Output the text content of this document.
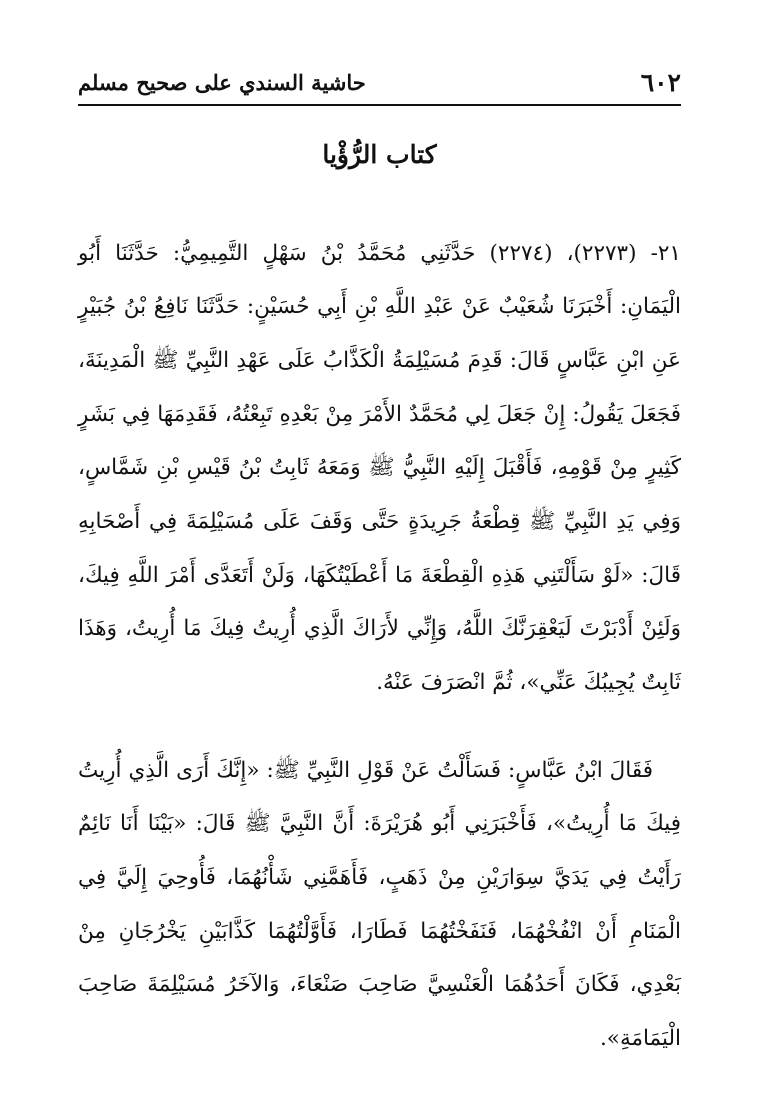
٦٠٢
حاشية السندي على صحيح مسلم
كتاب الرُّؤْيا

٢١- (٢٢٧٣)، (٢٢٧٤) حَدَّثَنِي مُحَمَّدُ بْنُ سَهْلٍ التَّمِيمِيُّ: حَدَّثَنَا أَبُو الْيَمَانِ: أَخْبَرَنَا شُعَيْبٌ عَنْ عَبْدِ اللَّهِ بْنِ أَبِي حُسَيْنٍ: حَدَّثَنَا نَافِعُ بْنُ جُبَيْرٍ عَنِ ابْنِ عَبَّاسٍ قَالَ: قَدِمَ مُسَيْلِمَةُ الْكَذَّابُ عَلَى عَهْدِ النَّبِيِّ ﷺ الْمَدِينَةَ، فَجَعَلَ يَقُولُ: إِنْ جَعَلَ لِي مُحَمَّدٌ الأَمْرَ مِنْ بَعْدِهِ تَبِعْتُهُ، فَقَدِمَهَا فِي بَشَرٍ كَثِيرٍ مِنْ قَوْمِهِ، فَأَقْبَلَ إِلَيْهِ النَّبِيُّ ﷺ وَمَعَهُ ثَابِتُ بْنُ قَيْسِ بْنِ شَمَّاسٍ، وَفِي يَدِ النَّبِيِّ ﷺ قِطْعَةُ جَرِيدَةٍ حَتَّى وَقَفَ عَلَى مُسَيْلِمَةَ فِي أَصْحَابِهِ قَالَ: «لَوْ سَأَلْتَنِي هَذِهِ الْقِطْعَةَ مَا أَعْطَيْتُكَهَا، وَلَنْ أَتَعَدَّى أَمْرَ اللَّهِ فِيكَ، وَلَئِنْ أَدْبَرْتَ لَيَعْقِرَنَّكَ اللَّهُ، وَإِنِّي لأَرَاكَ الَّذِي أُرِيتُ فِيكَ مَا أُرِيتُ، وَهَذَا ثَابِتٌ يُجِيبُكَ عَنِّي»، ثُمَّ انْصَرَفَ عَنْهُ.

فَقَالَ ابْنُ عَبَّاسٍ: فَسَأَلْتُ عَنْ قَوْلِ النَّبِيِّ ﷺ: «إِنَّكَ أَرَى الَّذِي أُرِيتُ فِيكَ مَا أُرِيتُ»، فَأَخْبَرَنِي أَبُو هُرَيْرَةَ: أَنَّ النَّبِيَّ ﷺ قَالَ: «بَيْنَا أَنَا نَائِمٌ رَأَيْتُ فِي يَدَيَّ سِوَارَيْنِ مِنْ ذَهَبٍ، فَأَهَمَّنِي شَأْنُهُمَا، فَأُوحِيَ إِلَيَّ فِي الْمَنَامِ أَنْ انْفُخْهُمَا، فَنَفَخْتُهُمَا فَطَارَا، فَأَوَّلْتُهُمَا كَذَّابَيْنِ يَخْرُجَانِ مِنْ بَعْدِي، فَكَانَ أَحَدُهُمَا الْعَنْسِيَّ صَاحِبَ صَنْعَاءَ، وَالآخَرُ مُسَيْلِمَةَ صَاحِبَ الْيَمَامَةِ».
